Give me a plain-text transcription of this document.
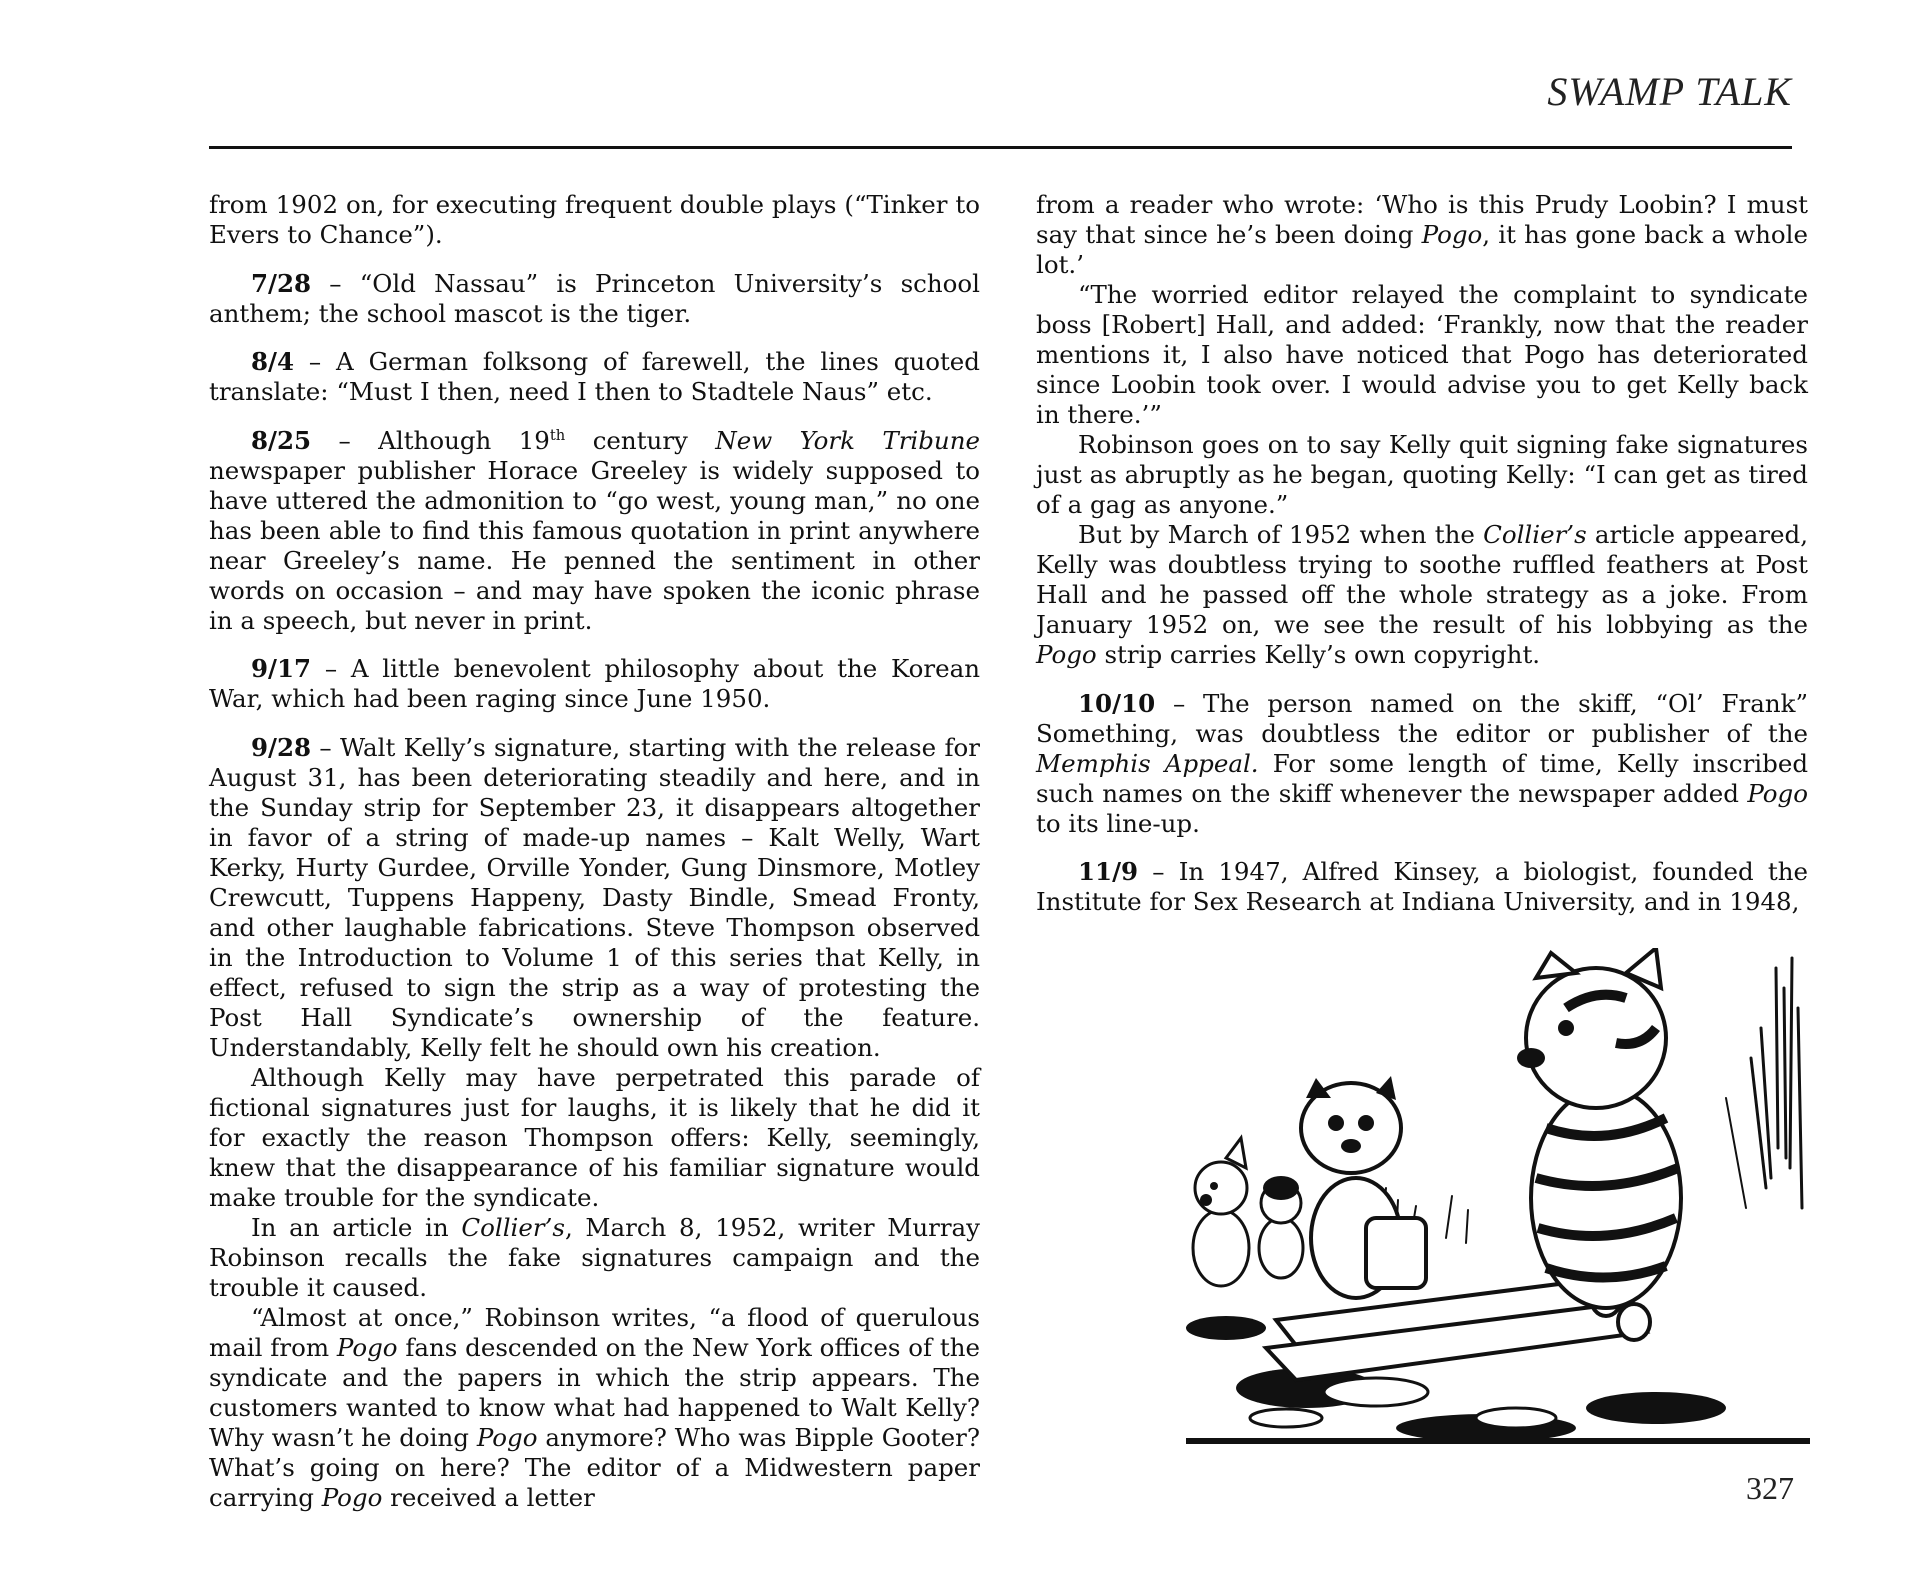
SWAMP TALK

from 1902 on, for executing frequent double plays (“Tinker to Evers to Chance”).

7/28 – “Old Nassau” is Princeton University’s school anthem; the school mascot is the tiger.

8/4 – A German folksong of farewell, the lines quoted translate: “Must I then, need I then to Stadtele Naus” etc.

8/25 – Although 19th century New York Tribune newspaper publisher Horace Greeley is widely supposed to have uttered the admonition to “go west, young man,” no one has been able to find this famous quotation in print anywhere near Greeley’s name. He penned the sentiment in other words on occasion – and may have spoken the iconic phrase in a speech, but never in print.

9/17 – A little benevolent philosophy about the Korean War, which had been raging since June 1950.

9/28 – Walt Kelly’s signature, starting with the release for August 31, has been deteriorating steadily and here, and in the Sunday strip for September 23, it disappears altogether in favor of a string of made-up names – Kalt Welly, Wart Kerky, Hurty Gurdee, Orville Yonder, Gung Dinsmore, Motley Crewcutt, Tuppens Happeny, Dasty Bindle, Smead Fronty, and other laughable fabrications. Steve Thompson observed in the Introduction to Volume 1 of this series that Kelly, in effect, refused to sign the strip as a way of protesting the Post Hall Syndicate’s ownership of the feature. Understandably, Kelly felt he should own his creation.

Although Kelly may have perpetrated this parade of fictional signatures just for laughs, it is likely that he did it for exactly the reason Thompson offers: Kelly, seemingly, knew that the disappearance of his familiar signature would make trouble for the syndicate.

In an article in Collier’s, March 8, 1952, writer Murray Robinson recalls the fake signatures campaign and the trouble it caused.

“Almost at once,” Robinson writes, “a flood of querulous mail from Pogo fans descended on the New York offices of the syndicate and the papers in which the strip appears. The customers wanted to know what had happened to Walt Kelly? Why wasn’t he doing Pogo anymore? Who was Bipple Gooter? What’s going on here? The editor of a Midwestern paper carrying Pogo received a letter

from a reader who wrote: ‘Who is this Prudy Loobin? I must say that since he’s been doing Pogo, it has gone back a whole lot.’

“The worried editor relayed the complaint to syndicate boss [Robert] Hall, and added: ‘Frankly, now that the reader mentions it, I also have noticed that Pogo has deteriorated since Loobin took over. I would advise you to get Kelly back in there.’”

Robinson goes on to say Kelly quit signing fake signatures just as abruptly as he began, quoting Kelly: “I can get as tired of a gag as anyone.”

But by March of 1952 when the Collier’s article appeared, Kelly was doubtless trying to soothe ruffled feathers at Post Hall and he passed off the whole strategy as a joke. From January 1952 on, we see the result of his lobbying as the Pogo strip carries Kelly’s own copyright.

10/10 – The person named on the skiff, “Ol’ Frank” Something, was doubtless the editor or publisher of the Memphis Appeal. For some length of time, Kelly inscribed such names on the skiff whenever the newspaper added Pogo to its line-up.

11/9 – In 1947, Alfred Kinsey, a biologist, founded the Institute for Sex Research at Indiana University, and in 1948,

327
